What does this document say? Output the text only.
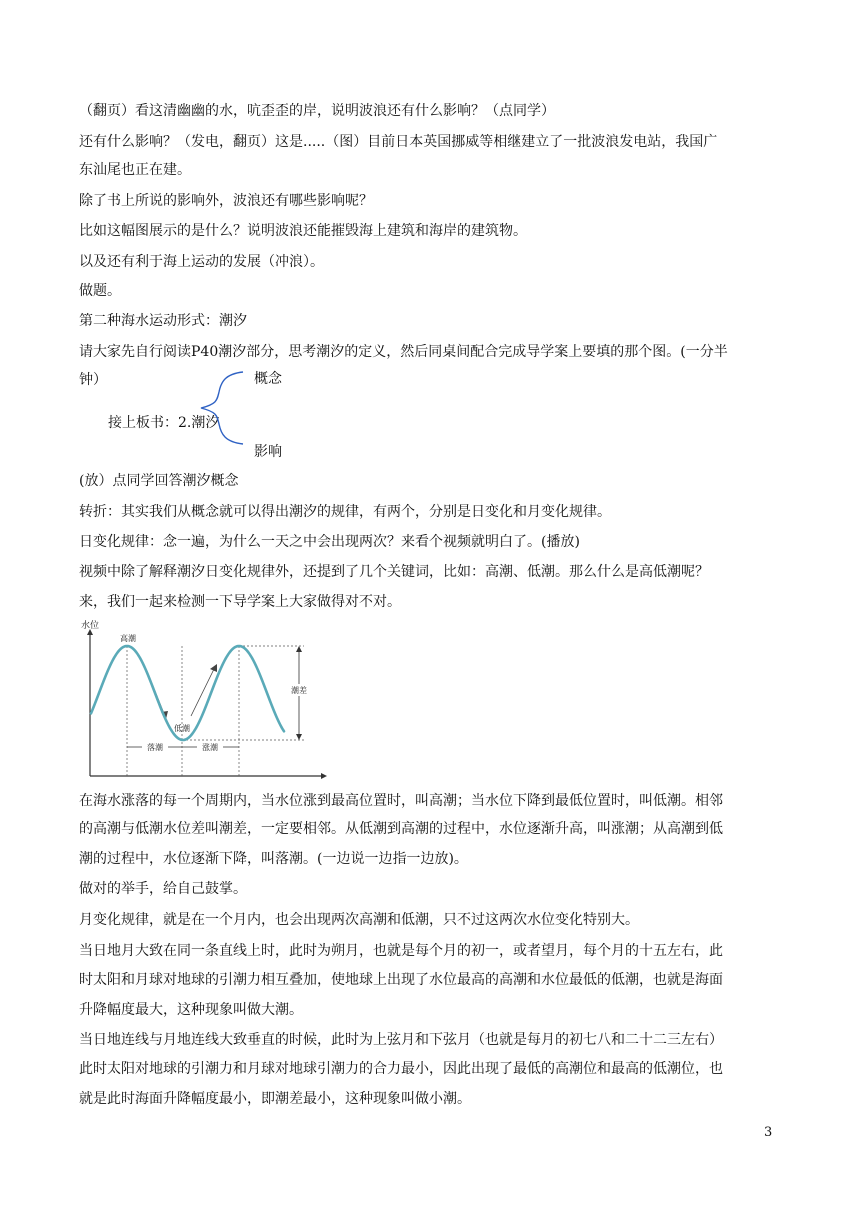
（翻页）看这清幽幽的水，吭歪歪的岸，说明波浪还有什么影响？（点同学）
还有什么影响？（发电，翻页）这是.....（图）目前日本英国挪威等相继建立了一批波浪发电站，我国广
东汕尾也正在建。
除了书上所说的影响外，波浪还有哪些影响呢？
比如这幅图展示的是什么？说明波浪还能摧毁海上建筑和海岸的建筑物。
以及还有利于海上运动的发展（冲浪）。
做题。
第二种海水运动形式：潮汐
请大家先自行阅读P40潮汐部分，思考潮汐的定义，然后同桌间配合完成导学案上要填的那个图。(一分半
钟）	概念
接上板书：2.潮汐
影响
(放）点同学回答潮汐概念
转折：其实我们从概念就可以得出潮汐的规律，有两个，分别是日变化和月变化规律。
日变化规律：念一遍，为什么一天之中会出现两次？来看个视频就明白了。(播放)
视频中除了解释潮汐日变化规律外，还提到了几个关键词，比如：高潮、低潮。那么什么是高低潮呢？
来，我们一起来检测一下导学案上大家做得对不对。
水位
潮差
落潮	涨潮
高潮
低潮
在海水涨落的每一个周期内，当水位涨到最高位置时，叫高潮；当水位下降到最低位置时，叫低潮。相邻
的高潮与低潮水位差叫潮差，一定要相邻。从低潮到高潮的过程中，水位逐渐升高，叫涨潮；从高潮到低
潮的过程中，水位逐渐下降，叫落潮。(一边说一边指一边放)。
做对的举手，给自己鼓掌。
月变化规律，就是在一个月内，也会出现两次高潮和低潮，只不过这两次水位变化特别大。
当日地月大致在同一条直线上时，此时为朔月，也就是每个月的初一，或者望月，每个月的十五左右，此
时太阳和月球对地球的引潮力相互叠加，使地球上出现了水位最高的高潮和水位最低的低潮，也就是海面
升降幅度最大，这种现象叫做大潮。
当日地连线与月地连线大致垂直的时候，此时为上弦月和下弦月（也就是每月的初七八和二十二三左右）
此时太阳对地球的引潮力和月球对地球引潮力的合力最小，因此出现了最低的高潮位和最高的低潮位，也
就是此时海面升降幅度最小，即潮差最小，这种现象叫做小潮。
3
